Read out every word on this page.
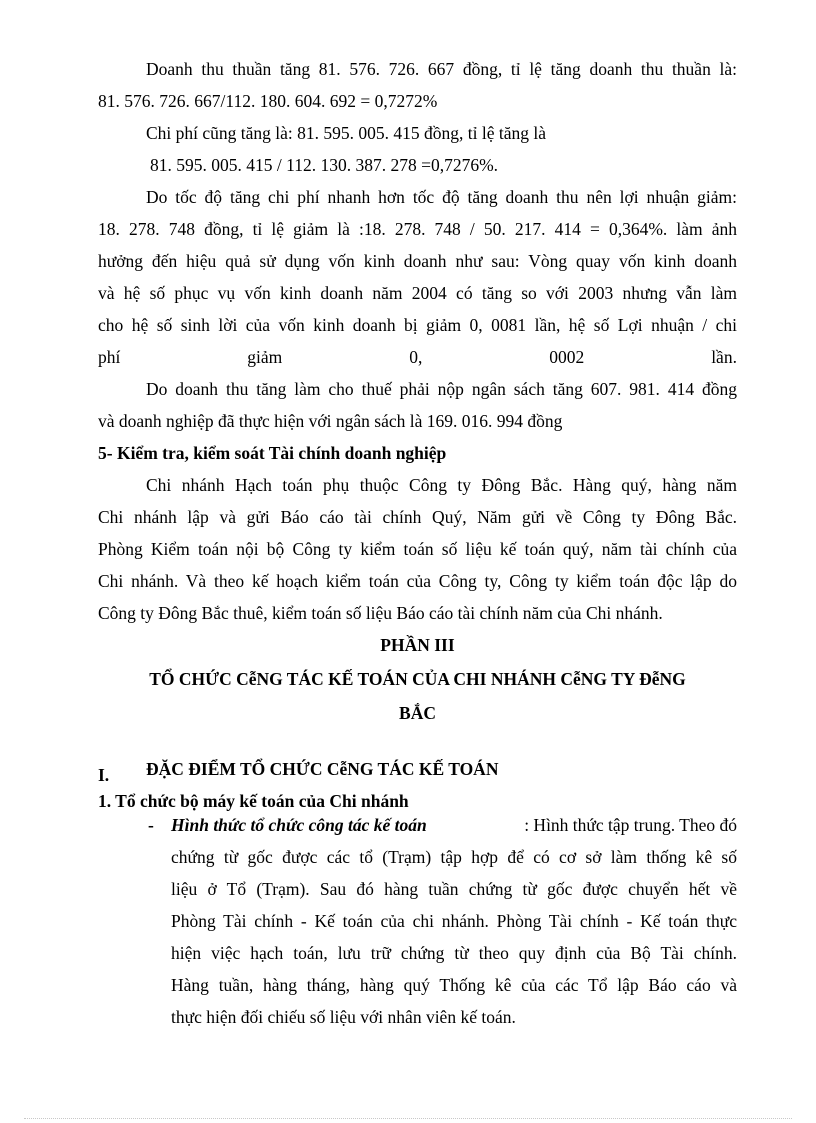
Doanh thu thuần tăng 81. 576. 726. 667 đồng, tỉ lệ tăng doanh thu thuần là:
81. 576. 726. 667/112. 180. 604. 692 = 0,7272%
Chi phí cũng tăng là: 81. 595. 005. 415 đồng, tỉ lệ tăng là
81. 595. 005. 415 / 112. 130. 387. 278 =0,7276%.
Do tốc độ tăng chi phí nhanh hơn tốc độ tăng doanh thu nên lợi nhuận giảm:
18. 278. 748 đồng, tỉ lệ giảm là :18. 278. 748 / 50. 217. 414 = 0,364%. làm ảnh
hưởng đến hiệu quả sử dụng vốn kinh doanh như sau: Vòng quay vốn kinh doanh
và hệ số phục vụ vốn kinh doanh năm 2004 có tăng so với 2003 nhưng vẫn làm
cho hệ số sinh lời của vốn kinh doanh bị giảm 0, 0081 lần, hệ số Lợi nhuận / chi
phí	giảm	0,	0002	lần.
Do doanh thu tăng làm cho thuế phải nộp ngân sách tăng 607. 981. 414 đồng
và doanh nghiệp đã thực hiện với ngân sách là 169. 016. 994 đồng
5- Kiểm tra, kiểm soát Tài chính doanh nghiệp
Chi nhánh Hạch toán phụ thuộc Công ty Đông Bắc. Hàng quý, hàng năm
Chi nhánh lập và gửi Báo cáo tài chính Quý, Năm gửi về Công ty Đông Bắc.
Phòng Kiểm toán nội bộ Công ty kiểm toán số liệu kế toán quý, năm tài chính của
Chi nhánh. Và theo kế hoạch kiểm toán của Công ty, Công ty kiểm toán độc lập do
Công ty Đông Bắc thuê, kiểm toán số liệu Báo cáo tài chính năm của Chi nhánh.
PHẦN III
TỔ CHỨC CễNG TÁC KẾ TOÁN CỦA CHI NHÁNH CễNG TY ĐễNG
BẮC
I. ĐẶC ĐIỂM TỔ CHỨC CễNG TÁC KẾ TOÁN
1. Tổ chức bộ máy kế toán của Chi nhánh
- Hình thức tổ chức công tác kế toán	: Hình thức tập trung. Theo đó
chứng từ gốc được các tổ (Trạm) tập hợp để có cơ sở làm thống kê số
liệu ở Tổ (Trạm). Sau đó hàng tuần chứng từ gốc được chuyển hết về
Phòng Tài chính - Kế toán của chi nhánh. Phòng Tài chính - Kế toán thực
hiện việc hạch toán, lưu trữ chứng từ theo quy định của Bộ Tài chính.
Hàng tuần, hàng tháng, hàng quý Thống kê của các Tổ lập Báo cáo và
thực hiện đối chiếu số liệu với nhân viên kế toán.
